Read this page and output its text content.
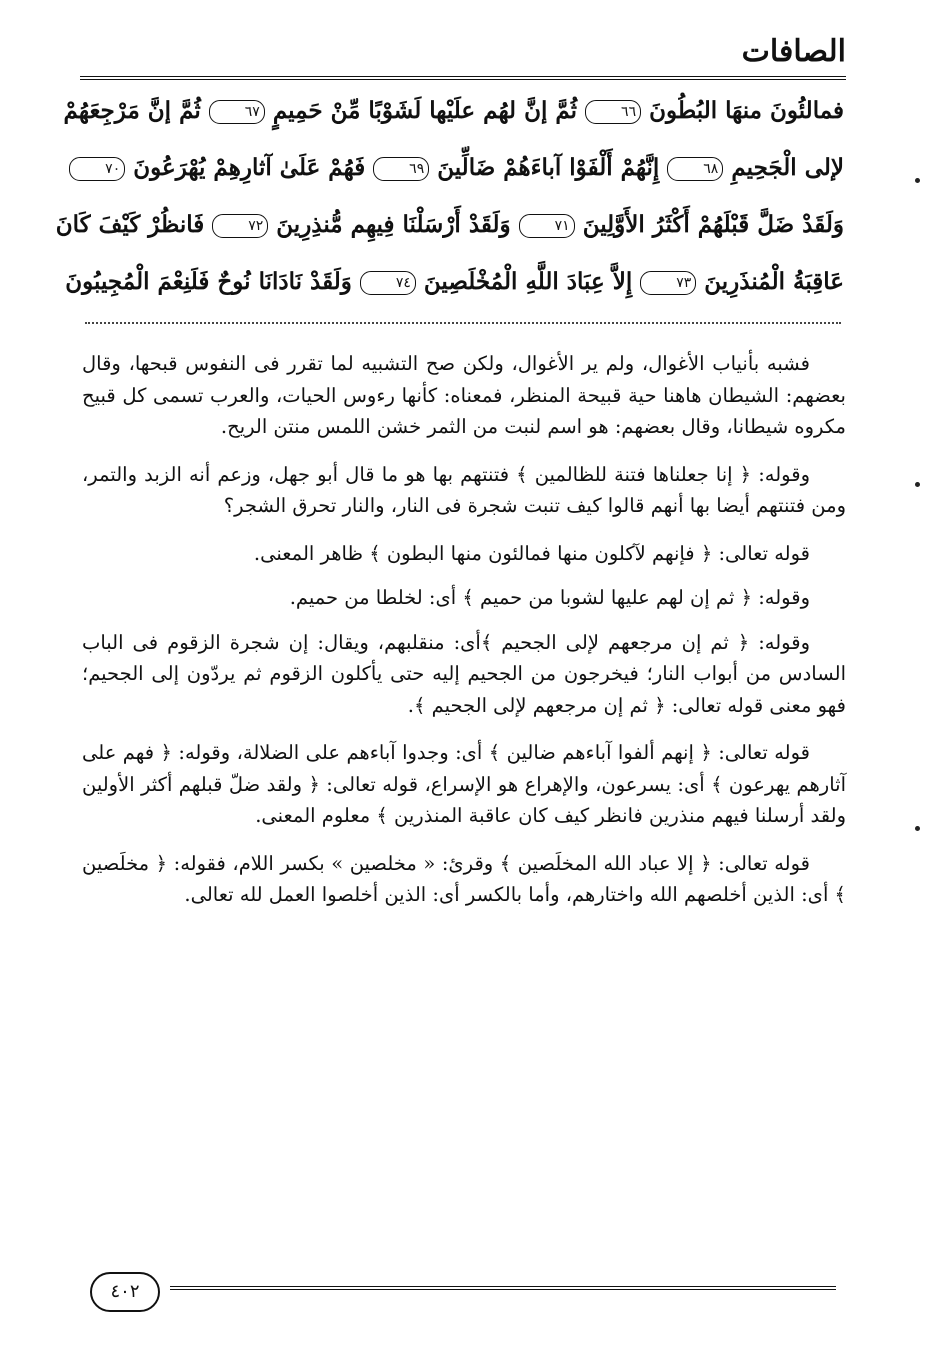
الصافات
فمالئُونَ منهَا البُطُونَ ٦٦ ثُمَّ إنَّ لهُم علَيْها لَشَوْبًا مِّنْ حَمِيمٍ ٦٧ ثُمَّ إنَّ مَرْجِعَهُمْ
لإلى الْجَحِيمِ ٦٨ إِنَّهُمْ أَلْفَوْا آباءَهُمْ ضَالِّينَ ٦٩ فَهُمْ عَلَىٰ آثارِهِمْ يُهْرَعُونَ ٧٠
وَلَقَدْ ضَلَّ قَبْلَهُمْ أَكْثَرُ الأَوَّلِينَ ٧١ وَلَقَدْ أَرْسَلْنَا فِيهِم مُّنذِرِينَ ٧٢ فَانظُرْ كَيْفَ كَانَ
عَاقِبَةُ الْمُنذَرِينَ ٧٣ إِلاَّ عِبَادَ اللَّهِ الْمُخْلَصِينَ ٧٤ وَلَقَدْ نَادَانَا نُوحٌ فَلَنِعْمَ الْمُجِيبُونَ

فشبه بأنياب الأغوال، ولم ير الأغوال، ولكن صح التشبيه لما تقرر فى النفوس قبحها، وقال بعضهم: الشيطان هاهنا حية قبيحة المنظر، فمعناه: كأنها رءوس الحيات، والعرب تسمى كل قبيح مكروه شيطانا، وقال بعضهم: هو اسم لنبت من الثمر خشن اللمس منتن الريح.

وقوله: ﴿ إنا جعلناها فتنة للظالمين ﴾ فتنتهم بها هو ما قال أبو جهل، وزعم أنه الزبد والتمر، ومن فتنتهم أيضا بها أنهم قالوا كيف تنبت شجرة فى النار، والنار تحرق الشجر؟

قوله تعالى: ﴿ فإنهم لآكلون منها فمالئون منها البطون ﴾ ظاهر المعنى.

وقوله: ﴿ ثم إن لهم عليها لشوبا من حميم ﴾ أى: لخلطا من حميم.

وقوله: ﴿ ثم إن مرجعهم لإلى الجحيم ﴾أى: منقلبهم، ويقال: إن شجرة الزقوم فى الباب السادس من أبواب النار؛ فيخرجون من الجحيم إليه حتى يأكلون الزقوم ثم يردّون إلى الجحيم؛ فهو معنى قوله تعالى: ﴿ ثم إن مرجعهم لإلى الجحيم ﴾.

قوله تعالى: ﴿ إنهم ألفوا آباءهم ضالين ﴾ أى: وجدوا آباءهم على الضلالة، وقوله: ﴿ فهم على آثارهم يهرعون ﴾ أى: يسرعون، والإهراع هو الإسراع، قوله تعالى: ﴿ ولقد ضلّ قبلهم أكثر الأولين ولقد أرسلنا فيهم منذرين فانظر كيف كان عاقبة المنذرين ﴾ معلوم المعنى.

قوله تعالى: ﴿ إلا عباد الله المخلَصين ﴾ وقرئ: « مخلصين » بكسر اللام، فقوله: ﴿ مخلَصين ﴾ أى: الذين أخلصهم الله واختارهم، وأما بالكسر أى: الذين أخلصوا العمل لله تعالى.

٤٠٢
